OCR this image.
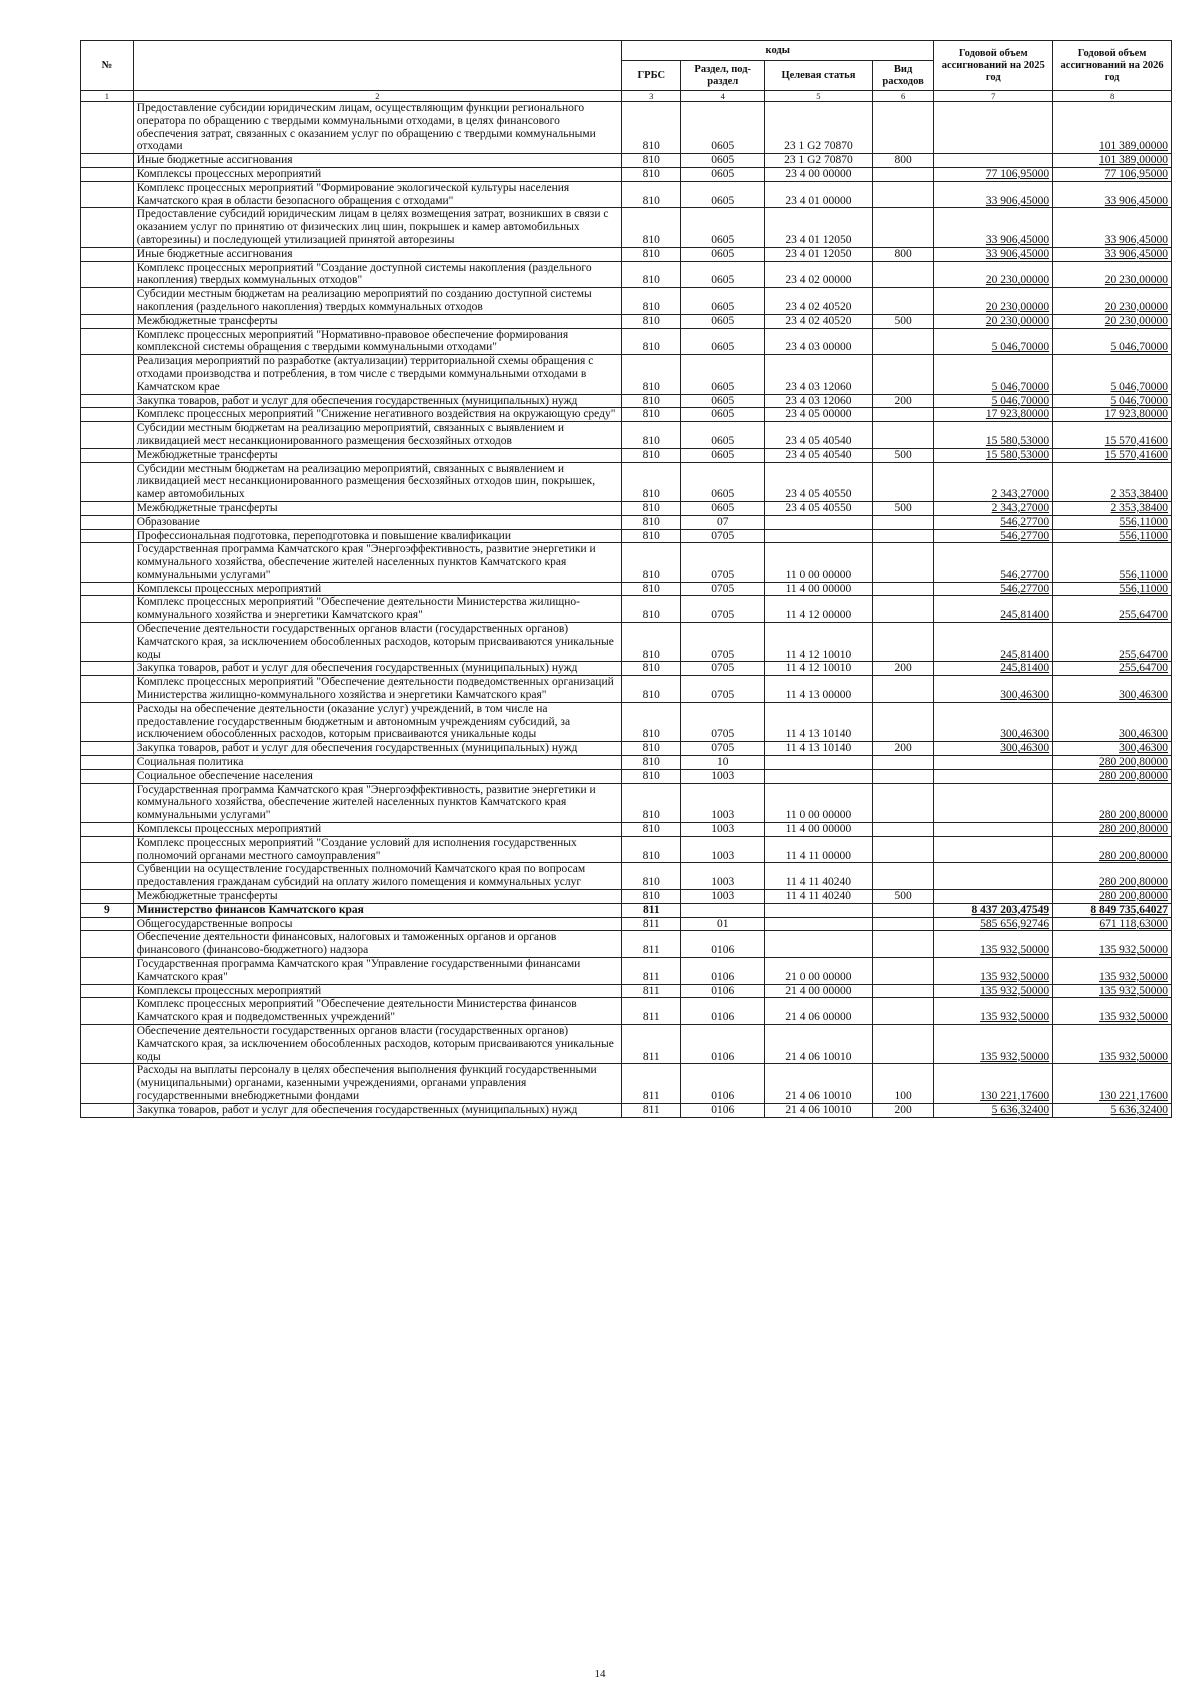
№		коды				Годовой объем ассигнований на 2025 год	Годовой объем ассигнований на 2026 год
		ГРБС	Раздел, под-раздел	Целевая статья	Вид расходов		
1	2	3	4	5	6	7	8
	Предоставление субсидии юридическим лицам, осуществляющим функции регионального оператора по обращению с твердыми коммунальными отходами, в целях финансового обеспечения затрат, связанных с оказанием услуг по обращению с твердыми коммунальными отходами	810	0605	23 1 G2 70870			101 389,00000
	Иные бюджетные ассигнования	810	0605	23 1 G2 70870	800		101 389,00000
	Комплексы процессных мероприятий	810	0605	23 4 00 00000		77 106,95000	77 106,95000
	Комплекс процессных мероприятий "Формирование экологической культуры населения Камчатского края в области безопасного обращения с отходами"	810	0605	23 4 01 00000		33 906,45000	33 906,45000
	Предоставление субсидий юридическим лицам в целях возмещения затрат, возникших в связи с оказанием услуг по принятию от физических лиц шин, покрышек и камер автомобильных (авторезины) и последующей утилизацией принятой авторезины	810	0605	23 4 01 12050		33 906,45000	33 906,45000
	Иные бюджетные ассигнования	810	0605	23 4 01 12050	800	33 906,45000	33 906,45000
	Комплекс процессных мероприятий "Создание доступной системы накопления (раздельного накопления) твердых коммунальных отходов"	810	0605	23 4 02 00000		20 230,00000	20 230,00000
	Субсидии местным бюджетам на реализацию мероприятий по созданию доступной системы накопления (раздельного накопления) твердых коммунальных отходов	810	0605	23 4 02 40520		20 230,00000	20 230,00000
	Межбюджетные трансферты	810	0605	23 4 02 40520	500	20 230,00000	20 230,00000
	Комплекс процессных мероприятий "Нормативно-правовое обеспечение формирования комплексной системы обращения с твердыми коммунальными отходами"	810	0605	23 4 03 00000		5 046,70000	5 046,70000
	Реализация мероприятий по разработке (актуализации) территориальной схемы обращения с отходами производства и потребления, в том числе с твердыми коммунальными отходами в Камчатском крае	810	0605	23 4 03 12060		5 046,70000	5 046,70000
	Закупка товаров, работ и услуг для обеспечения государственных (муниципальных) нужд	810	0605	23 4 03 12060	200	5 046,70000	5 046,70000
	Комплекс процессных мероприятий "Снижение негативного воздействия на окружающую среду"	810	0605	23 4 05 00000		17 923,80000	17 923,80000
	Субсидии местным бюджетам на реализацию мероприятий, связанных с выявлением и ликвидацией мест несанкционированного размещения бесхозяйных отходов	810	0605	23 4 05 40540		15 580,53000	15 570,41600
	Межбюджетные трансферты	810	0605	23 4 05 40540	500	15 580,53000	15 570,41600
	Субсидии местным бюджетам на реализацию мероприятий, связанных с выявлением и ликвидацией мест несанкционированного размещения бесхозяйных отходов шин, покрышек, камер автомобильных	810	0605	23 4 05 40550		2 343,27000	2 353,38400
	Межбюджетные трансферты	810	0605	23 4 05 40550	500	2 343,27000	2 353,38400
	Образование	810	07			546,27700	556,11000
	Профессиональная подготовка, переподготовка и повышение квалификации	810	0705			546,27700	556,11000
	Государственная программа Камчатского края "Энергоэффективность, развитие энергетики и коммунального хозяйства, обеспечение жителей населенных пунктов Камчатского края коммунальными услугами"	810	0705	11 0 00 00000		546,27700	556,11000
	Комплексы процессных мероприятий	810	0705	11 4 00 00000		546,27700	556,11000
	Комплекс процессных мероприятий "Обеспечение деятельности Министерства жилищно-коммунального хозяйства и энергетики Камчатского края"	810	0705	11 4 12 00000		245,81400	255,64700
	Обеспечение деятельности государственных органов власти (государственных органов) Камчатского края, за исключением обособленных расходов, которым присваиваются уникальные коды	810	0705	11 4 12 10010		245,81400	255,64700
	Закупка товаров, работ и услуг для обеспечения государственных (муниципальных) нужд	810	0705	11 4 12 10010	200	245,81400	255,64700
	Комплекс процессных мероприятий "Обеспечение деятельности подведомственных организаций Министерства жилищно-коммунального хозяйства и энергетики Камчатского края"	810	0705	11 4 13 00000		300,46300	300,46300
	Расходы на обеспечение деятельности (оказание услуг) учреждений, в том числе на предоставление государственным бюджетным и автономным учреждениям субсидий, за исключением обособленных расходов, которым присваиваются уникальные коды	810	0705	11 4 13 10140		300,46300	300,46300
	Закупка товаров, работ и услуг для обеспечения государственных (муниципальных) нужд	810	0705	11 4 13 10140	200	300,46300	300,46300
	Социальная политика	810	10				280 200,80000
	Социальное обеспечение населения	810	1003				280 200,80000
	Государственная программа Камчатского края "Энергоэффективность, развитие энергетики и коммунального хозяйства, обеспечение жителей населенных пунктов Камчатского края коммунальными услугами"	810	1003	11 0 00 00000			280 200,80000
	Комплексы процессных мероприятий	810	1003	11 4 00 00000			280 200,80000
	Комплекс процессных мероприятий "Создание условий для исполнения государственных полномочий органами местного самоуправления"	810	1003	11 4 11 00000			280 200,80000
	Субвенции на осуществление государственных полномочий Камчатского края по вопросам предоставления гражданам субсидий на оплату жилого помещения и коммунальных услуг	810	1003	11 4 11 40240			280 200,80000
	Межбюджетные трансферты	810	1003	11 4 11 40240	500		280 200,80000
9	Министерство финансов Камчатского края	811				8 437 203,47549	8 849 735,64027
	Общегосударственные вопросы	811	01			585 656,92746	671 118,63000
	Обеспечение деятельности финансовых, налоговых и таможенных органов и органов финансового (финансово-бюджетного) надзора	811	0106			135 932,50000	135 932,50000
	Государственная программа Камчатского края "Управление государственными финансами Камчатского края"	811	0106	21 0 00 00000		135 932,50000	135 932,50000
	Комплексы процессных мероприятий	811	0106	21 4 00 00000		135 932,50000	135 932,50000
	Комплекс процессных мероприятий "Обеспечение деятельности Министерства финансов Камчатского края и подведомственных учреждений"	811	0106	21 4 06 00000		135 932,50000	135 932,50000
	Обеспечение деятельности государственных органов власти (государственных органов) Камчатского края, за исключением обособленных расходов, которым присваиваются уникальные коды	811	0106	21 4 06 10010		135 932,50000	135 932,50000
	Расходы на выплаты персоналу в целях обеспечения выполнения функций государственными (муниципальными) органами, казенными учреждениями, органами управления государственными внебюджетными фондами	811	0106	21 4 06 10010	100	130 221,17600	130 221,17600
	Закупка товаров, работ и услуг для обеспечения государственных (муниципальных) нужд	811	0106	21 4 06 10010	200	5 636,32400	5 636,32400
14
